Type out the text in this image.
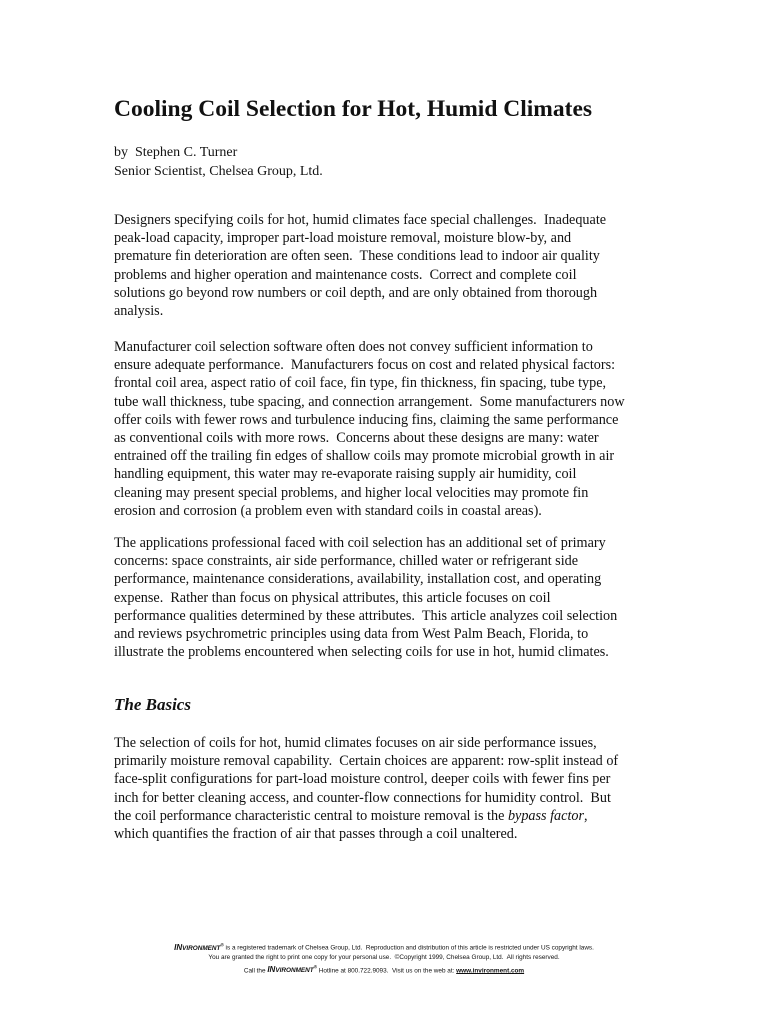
Cooling Coil Selection for Hot, Humid Climates
by  Stephen C. Turner
Senior Scientist, Chelsea Group, Ltd.
Designers specifying coils for hot, humid climates face special challenges.  Inadequate
peak-load capacity, improper part-load moisture removal, moisture blow-by, and
premature fin deterioration are often seen.  These conditions lead to indoor air quality
problems and higher operation and maintenance costs.  Correct and complete coil
solutions go beyond row numbers or coil depth, and are only obtained from thorough
analysis.
Manufacturer coil selection software often does not convey sufficient information to
ensure adequate performance.  Manufacturers focus on cost and related physical factors:
frontal coil area, aspect ratio of coil face, fin type, fin thickness, fin spacing, tube type,
tube wall thickness, tube spacing, and connection arrangement.  Some manufacturers now
offer coils with fewer rows and turbulence inducing fins, claiming the same performance
as conventional coils with more rows.  Concerns about these designs are many: water
entrained off the trailing fin edges of shallow coils may promote microbial growth in air
handling equipment, this water may re-evaporate raising supply air humidity, coil
cleaning may present special problems, and higher local velocities may promote fin
erosion and corrosion (a problem even with standard coils in coastal areas).
The applications professional faced with coil selection has an additional set of primary
concerns: space constraints, air side performance, chilled water or refrigerant side
performance, maintenance considerations, availability, installation cost, and operating
expense.  Rather than focus on physical attributes, this article focuses on coil
performance qualities determined by these attributes.  This article analyzes coil selection
and reviews psychrometric principles using data from West Palm Beach, Florida, to
illustrate the problems encountered when selecting coils for use in hot, humid climates.
The Basics
The selection of coils for hot, humid climates focuses on air side performance issues,
primarily moisture removal capability.  Certain choices are apparent: row-split instead of
face-split configurations for part-load moisture control, deeper coils with fewer fins per
inch for better cleaning access, and counter-flow connections for humidity control.  But
the coil performance characteristic central to moisture removal is the bypass factor,
which quantifies the fraction of air that passes through a coil unaltered.
INVIRONMENT® is a registered trademark of Chelsea Group, Ltd.  Reproduction and distribution of this article is restricted under US copyright laws.
You are granted the right to print one copy for your personal use.  ©Copyright 1999, Chelsea Group, Ltd.  All rights reserved.
Call the INVIRONMENT® Hotline at 800.722.9093.  Visit us on the web at: www.invironment.com
